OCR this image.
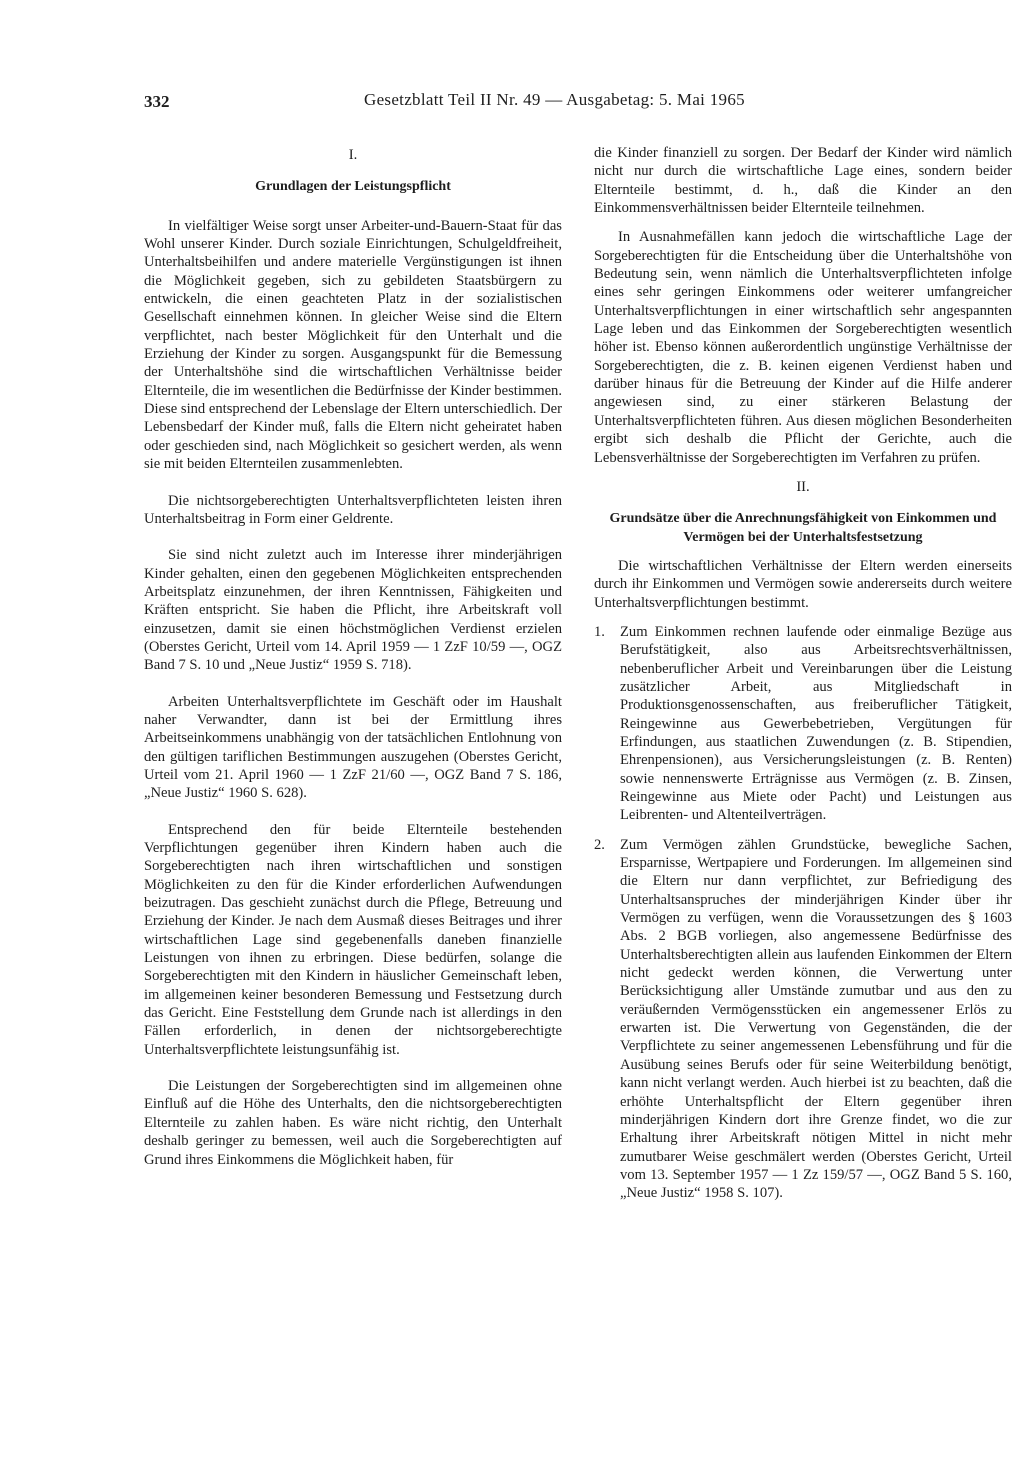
332	Gesetzblatt Teil II Nr. 49 — Ausgabetag: 5. Mai 1965

I.

Grundlagen der Leistungspflicht

In vielfältiger Weise sorgt unser Arbeiter-und-Bauern-Staat für das Wohl unserer Kinder. Durch soziale Einrichtungen, Schulgeldfreiheit, Unterhaltsbeihilfen und andere materielle Vergünstigungen ist ihnen die Möglichkeit gegeben, sich zu gebildeten Staatsbürgern zu entwickeln, die einen geachteten Platz in der sozialistischen Gesellschaft einnehmen können. In gleicher Weise sind die Eltern verpflichtet, nach bester Möglichkeit für den Unterhalt und die Erziehung der Kinder zu sorgen. Ausgangspunkt für die Bemessung der Unterhaltshöhe sind die wirtschaftlichen Verhältnisse beider Elternteile, die im wesentlichen die Bedürfnisse der Kinder bestimmen. Diese sind entsprechend der Lebenslage der Eltern unterschiedlich. Der Lebensbedarf der Kinder muß, falls die Eltern nicht geheiratet haben oder geschieden sind, nach Möglichkeit so gesichert werden, als wenn sie mit beiden Elternteilen zusammenlebten.

Die nichtsorgeberechtigten Unterhaltsverpflichteten leisten ihren Unterhaltsbeitrag in Form einer Geldrente.

Sie sind nicht zuletzt auch im Interesse ihrer minderjährigen Kinder gehalten, einen den gegebenen Möglichkeiten entsprechenden Arbeitsplatz einzunehmen, der ihren Kenntnissen, Fähigkeiten und Kräften entspricht. Sie haben die Pflicht, ihre Arbeitskraft voll einzusetzen, damit sie einen höchstmöglichen Verdienst erzielen (Oberstes Gericht, Urteil vom 14. April 1959 — 1 ZzF 10/59 —, OGZ Band 7 S. 10 und „Neue Justiz“ 1959 S. 718).

Arbeiten Unterhaltsverpflichtete im Geschäft oder im Haushalt naher Verwandter, dann ist bei der Ermittlung ihres Arbeitseinkommens unabhängig von der tatsächlichen Entlohnung von den gültigen tariflichen Bestimmungen auszugehen (Oberstes Gericht, Urteil vom 21. April 1960 — 1 ZzF 21/60 —, OGZ Band 7 S. 186, „Neue Justiz“ 1960 S. 628).

Entsprechend den für beide Elternteile bestehenden Verpflichtungen gegenüber ihren Kindern haben auch die Sorgeberechtigten nach ihren wirtschaftlichen und sonstigen Möglichkeiten zu den für die Kinder erforderlichen Aufwendungen beizutragen. Das geschieht zunächst durch die Pflege, Betreuung und Erziehung der Kinder. Je nach dem Ausmaß dieses Beitrages und ihrer wirtschaftlichen Lage sind gegebenenfalls daneben finanzielle Leistungen von ihnen zu erbringen. Diese bedürfen, solange die Sorgeberechtigten mit den Kindern in häuslicher Gemeinschaft leben, im allgemeinen keiner besonderen Bemessung und Festsetzung durch das Gericht. Eine Feststellung dem Grunde nach ist allerdings in den Fällen erforderlich, in denen der nichtsorgeberechtigte Unterhaltsverpflichtete leistungsunfähig ist.

Die Leistungen der Sorgeberechtigten sind im allgemeinen ohne Einfluß auf die Höhe des Unterhalts, den die nichtsorgeberechtigten Elternteile zu zahlen haben. Es wäre nicht richtig, den Unterhalt deshalb geringer zu bemessen, weil auch die Sorgeberechtigten auf Grund ihres Einkommens die Möglichkeit haben, für

die Kinder finanziell zu sorgen. Der Bedarf der Kinder wird nämlich nicht nur durch die wirtschaftliche Lage eines, sondern beider Elternteile bestimmt, d. h., daß die Kinder an den Einkommensverhältnissen beider Elternteile teilnehmen.

In Ausnahmefällen kann jedoch die wirtschaftliche Lage der Sorgeberechtigten für die Entscheidung über die Unterhaltshöhe von Bedeutung sein, wenn nämlich die Unterhaltsverpflichteten infolge eines sehr geringen Einkommens oder weiterer umfangreicher Unterhaltsverpflichtungen in einer wirtschaftlich sehr angespannten Lage leben und das Einkommen der Sorgeberechtigten wesentlich höher ist. Ebenso können außerordentlich ungünstige Verhältnisse der Sorgeberechtigten, die z. B. keinen eigenen Verdienst haben und darüber hinaus für die Betreuung der Kinder auf die Hilfe anderer angewiesen sind, zu einer stärkeren Belastung der Unterhaltsverpflichteten führen. Aus diesen möglichen Besonderheiten ergibt sich deshalb die Pflicht der Gerichte, auch die Lebensverhältnisse der Sorgeberechtigten im Verfahren zu prüfen.

II.

Grundsätze über die Anrechnungsfähigkeit von Einkommen und Vermögen bei der Unterhaltsfestsetzung

Die wirtschaftlichen Verhältnisse der Eltern werden einerseits durch ihr Einkommen und Vermögen sowie andererseits durch weitere Unterhaltsverpflichtungen bestimmt.

1.	Zum Einkommen rechnen laufende oder einmalige Bezüge aus Berufstätigkeit, also aus Arbeitsrechtsverhältnissen, nebenberuflicher Arbeit und Vereinbarungen über die Leistung zusätzlicher Arbeit, aus Mitgliedschaft in Produktionsgenossenschaften, aus freiberuflicher Tätigkeit, Reingewinne aus Gewerbebetrieben, Vergütungen für Erfindungen, aus staatlichen Zuwendungen (z. B. Stipendien, Ehrenpensionen), aus Versicherungsleistungen (z. B. Renten) sowie nennenswerte Erträgnisse aus Vermögen (z. B. Zinsen, Reingewinne aus Miete oder Pacht) und Leistungen aus Leibrenten- und Altenteilverträgen.
2.	Zum Vermögen zählen Grundstücke, bewegliche Sachen, Ersparnisse, Wertpapiere und Forderungen. Im allgemeinen sind die Eltern nur dann verpflichtet, zur Befriedigung des Unterhaltsanspruches der minderjährigen Kinder über ihr Vermögen zu verfügen, wenn die Voraussetzungen des § 1603 Abs. 2 BGB vorliegen, also angemessene Bedürfnisse des Unterhaltsberechtigten allein aus laufenden Einkommen der Eltern nicht gedeckt werden können, die Verwertung unter Berücksichtigung aller Umstände zumutbar und aus den zu veräußernden Vermögensstücken ein angemessener Erlös zu erwarten ist. Die Verwertung von Gegenständen, die der Verpflichtete zu seiner angemessenen Lebensführung und für die Ausübung seines Berufs oder für seine Weiterbildung benötigt, kann nicht verlangt werden. Auch hierbei ist zu beachten, daß die erhöhte Unterhaltspflicht der Eltern gegenüber ihren minderjährigen Kindern dort ihre Grenze findet, wo die zur Erhaltung ihrer Arbeitskraft nötigen Mittel in nicht mehr zumutbarer Weise geschmälert werden (Oberstes Gericht, Urteil vom 13. September 1957 — 1 Zz 159/57 —, OGZ Band 5 S. 160, „Neue Justiz“ 1958 S. 107).
